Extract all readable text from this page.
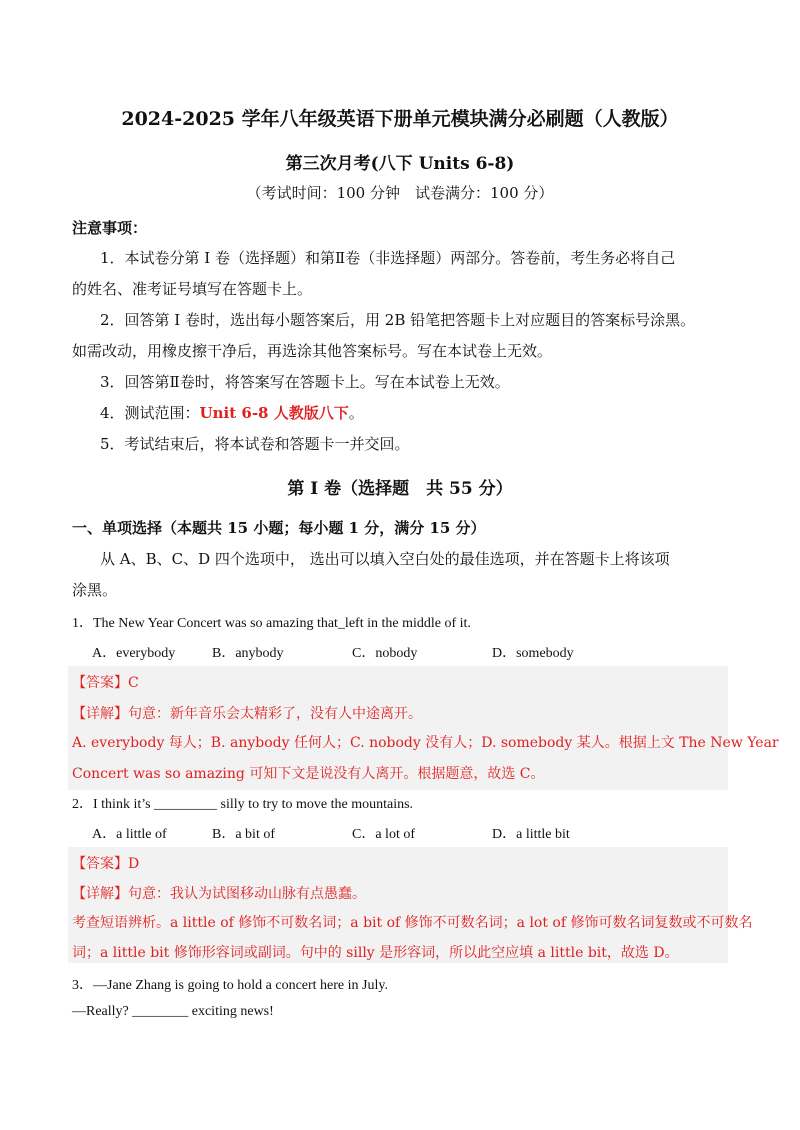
2024-2025 学年八年级英语下册单元模块满分必刷题（人教版）
第三次月考(八下 Units 6-8)
（考试时间：100 分钟　试卷满分：100 分）
注意事项：
1．本试卷分第 I 卷（选择题）和第Ⅱ卷（非选择题）两部分。答卷前，考生务必将自己
的姓名、准考证号填写在答题卡上。
2．回答第 I 卷时，选出每小题答案后，用 2B 铅笔把答题卡上对应题目的答案标号涂黑。
如需改动，用橡皮擦干净后，再选涂其他答案标号。写在本试卷上无效。
3．回答第Ⅱ卷时，将答案写在答题卡上。写在本试卷上无效。
4．测试范围：Unit 6-8 人教版八下。
5．考试结束后，将本试卷和答题卡一并交回。
第 I 卷（选择题　共 55 分）
一、单项选择（本题共 15 小题；每小题 1 分，满分 15 分）
从 A、B、C、D 四个选项中， 选出可以填入空白处的最佳选项，并在答题卡上将该项
涂黑。
1．The New Year Concert was so amazing that_left in the middle of it.
A．everybody	B．anybody	C．nobody	D．somebody
【答案】C
【详解】句意：新年音乐会太精彩了，没有人中途离开。
A. everybody 每人；B. anybody 任何人；C. nobody 没有人；D. somebody 某人。根据上文 The New Year
Concert was so amazing 可知下文是说没有人离开。根据题意，故选 C。
2．I think it’s _________ silly to try to move the mountains.
A．a little of	B．a bit of	C．a lot of	D．a little bit
【答案】D
【详解】句意：我认为试图移动山脉有点愚蠢。
考查短语辨析。a little of 修饰不可数名词；a bit of 修饰不可数名词；a lot of 修饰可数名词复数或不可数名
词；a little bit 修饰形容词或副词。句中的 silly 是形容词，所以此空应填 a little bit，故选 D。
3．—Jane Zhang is going to hold a concert here in July.
—Really? ________ exciting news!
